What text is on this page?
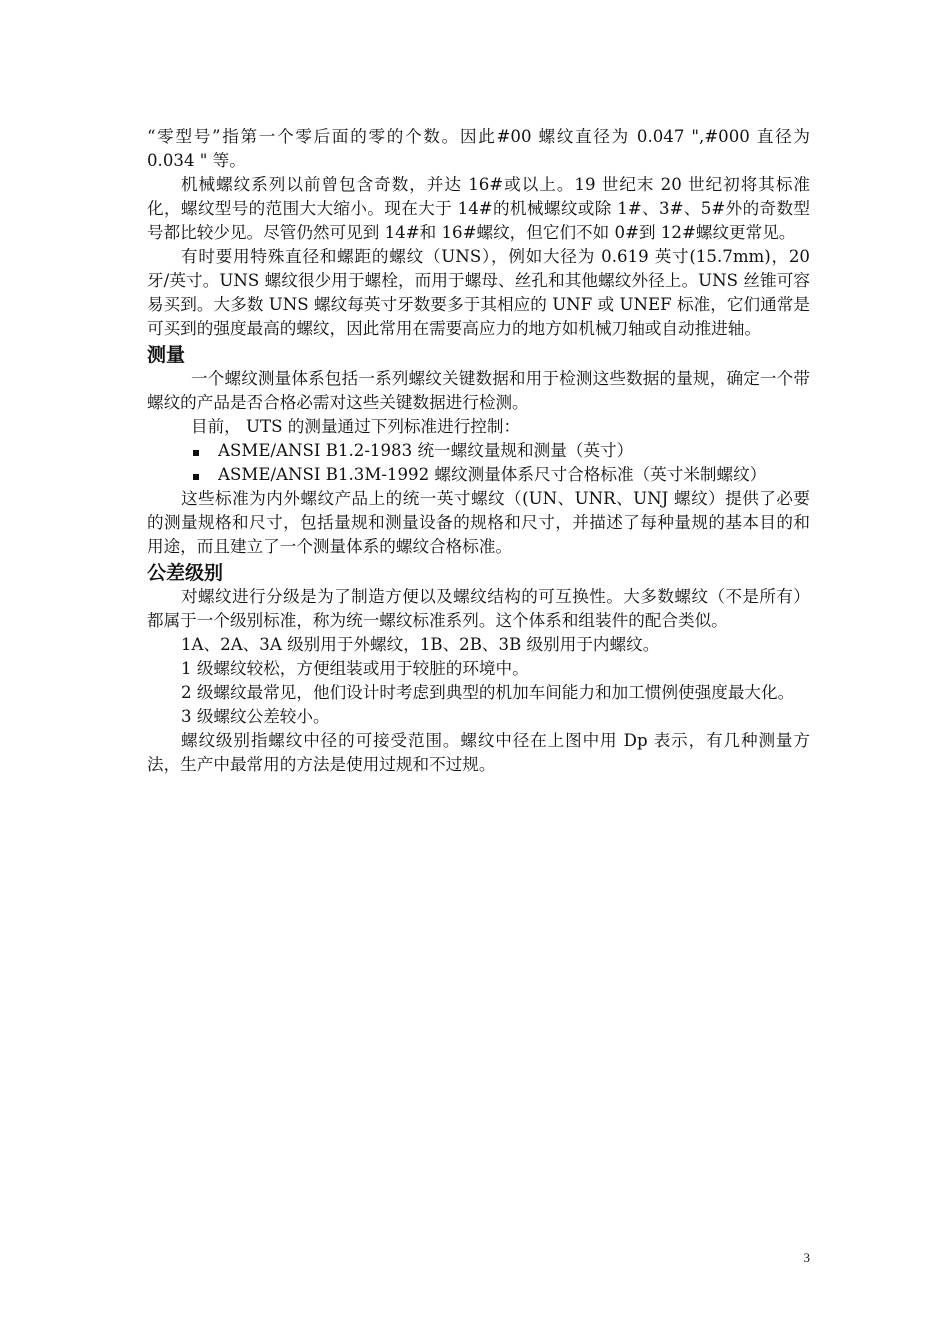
“零型号”指第一个零后面的零的个数。因此#00 螺纹直径为 0.047 ",#000 直径为 0.034 " 等。

机械螺纹系列以前曾包含奇数，并达 16#或以上。19 世纪末 20 世纪初将其标准化，螺纹型号的范围大大缩小。现在大于 14#的机械螺纹或除 1#、3#、5#外的奇数型号都比较少见。尽管仍然可见到 14#和 16#螺纹，但它们不如 0#到 12#螺纹更常见。

有时要用特殊直径和螺距的螺纹（UNS），例如大径为 0.619 英寸(15.7mm)，20 牙/英寸。UNS 螺纹很少用于螺栓，而用于螺母、丝孔和其他螺纹外径上。UNS 丝锥可容易买到。大多数 UNS 螺纹每英寸牙数要多于其相应的 UNF 或 UNEF 标准，它们通常是可买到的强度最高的螺纹，因此常用在需要高应力的地方如机械刀轴或自动推进轴。

测量

一个螺纹测量体系包括一系列螺纹关键数据和用于检测这些数据的量规，确定一个带螺纹的产品是否合格必需对这些关键数据进行检测。

目前， UTS 的测量通过下列标准进行控制：

ASME/ANSI B1.2-1983 统一螺纹量规和测量（英寸）
ASME/ANSI B1.3M-1992 螺纹测量体系尺寸合格标准（英寸米制螺纹）

这些标准为内外螺纹产品上的统一英寸螺纹（(UN、UNR、UNJ 螺纹）提供了必要的测量规格和尺寸，包括量规和测量设备的规格和尺寸，并描述了每种量规的基本目的和用途，而且建立了一个测量体系的螺纹合格标准。

公差级别

对螺纹进行分级是为了制造方便以及螺纹结构的可互换性。大多数螺纹（不是所有）都属于一个级别标准，称为统一螺纹标准系列。这个体系和组装件的配合类似。

1A、2A、3A 级别用于外螺纹，1B、2B、3B 级别用于内螺纹。

1 级螺纹较松，方便组装或用于较脏的环境中。

2 级螺纹最常见，他们设计时考虑到典型的机加车间能力和加工惯例使强度最大化。

3 级螺纹公差较小。

螺纹级别指螺纹中径的可接受范围。螺纹中径在上图中用 Dp 表示，有几种测量方法，生产中最常用的方法是使用过规和不过规。

3
